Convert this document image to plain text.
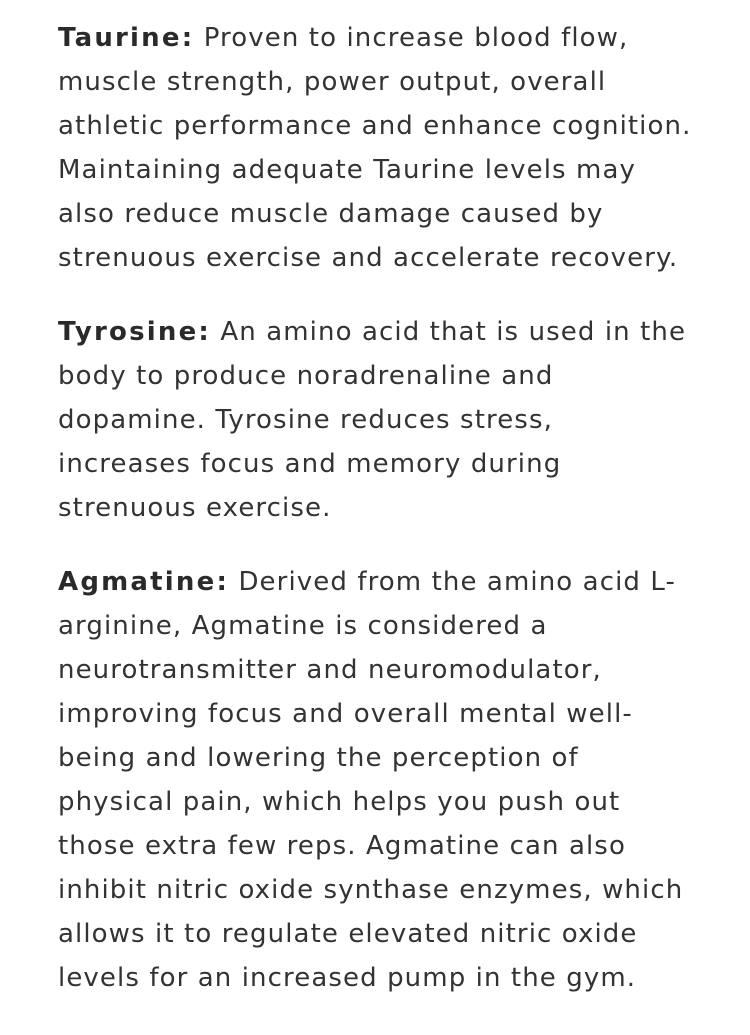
Taurine: Proven to increase blood flow,
muscle strength, power output, overall
athletic performance and enhance cognition.
Maintaining adequate Taurine levels may
also reduce muscle damage caused by
strenuous exercise and accelerate recovery.

Tyrosine: An amino acid that is used in the
body to produce noradrenaline and
dopamine. Tyrosine reduces stress,
increases focus and memory during
strenuous exercise.

Agmatine: Derived from the amino acid L-
arginine, Agmatine is considered a
neurotransmitter and neuromodulator,
improving focus and overall mental well-
being and lowering the perception of
physical pain, which helps you push out
those extra few reps. Agmatine can also
inhibit nitric oxide synthase enzymes, which
allows it to regulate elevated nitric oxide
levels for an increased pump in the gym.
